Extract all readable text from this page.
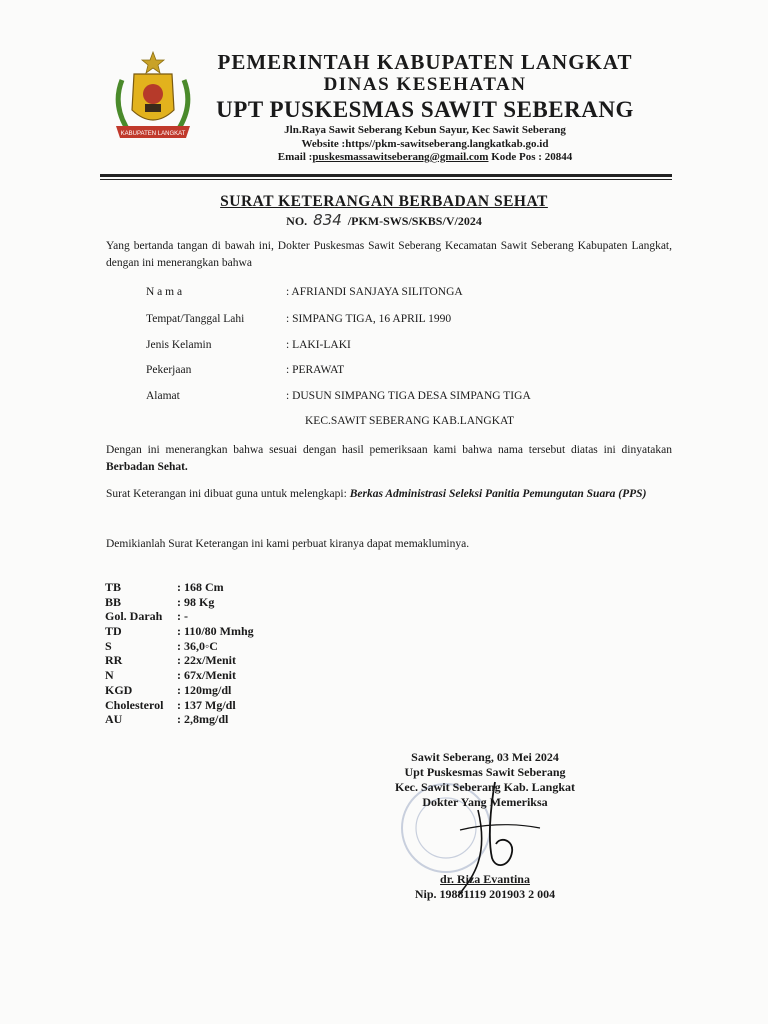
KABUPATEN LANGKAT
PEMERINTAH KABUPATEN LANGKAT
DINAS KESEHATAN
UPT PUSKESMAS SAWIT SEBERANG
Jln.Raya Sawit Seberang Kebun Sayur, Kec Sawit Seberang
Website :https//pkm-sawitseberang.langkatkab.go.id
Email :puskesmassawitseberang@gmail.com Kode Pos : 20844
SURAT KETERANGAN BERBADAN SEHAT
NO. 834 /PKM-SWS/SKBS/V/2024
Yang bertanda tangan di bawah ini, Dokter Puskesmas Sawit Seberang Kecamatan Sawit Seberang Kabupaten Langkat, dengan ini menerangkan bahwa
N a m a	: AFRIANDI SANJAYA SILITONGA
Tempat/Tanggal Lahi	: SIMPANG TIGA, 16 APRIL 1990
Jenis Kelamin	: LAKI-LAKI
Pekerjaan	: PERAWAT
Alamat	: DUSUN SIMPANG TIGA DESA SIMPANG TIGA
KEC.SAWIT SEBERANG KAB.LANGKAT
Dengan ini menerangkan bahwa sesuai dengan hasil pemeriksaan kami bahwa nama tersebut diatas ini dinyatakan Berbadan Sehat.
Surat Keterangan ini dibuat guna untuk melengkapi: Berkas Administrasi Seleksi Panitia Pemungutan Suara (PPS)
Demikianlah Surat Keterangan ini kami perbuat kiranya dapat memakluminya.
TB	: 168 Cm
BB	: 98 Kg
Gol. Darah : -
TD	: 110/80 Mmhg
S	: 36,0◦C
RR	: 22x/Menit
N	: 67x/Menit
KGD	: 120mg/dl
Cholesterol : 137 Mg/dl
AU	: 2,8mg/dl
Sawit Seberang, 03 Mei 2024
Upt Puskesmas Sawit Seberang
Kec. Sawit Seberang Kab. Langkat
Dokter Yang Memeriksa
dr. Riza Evantina
Nip. 19881119 201903 2 004
